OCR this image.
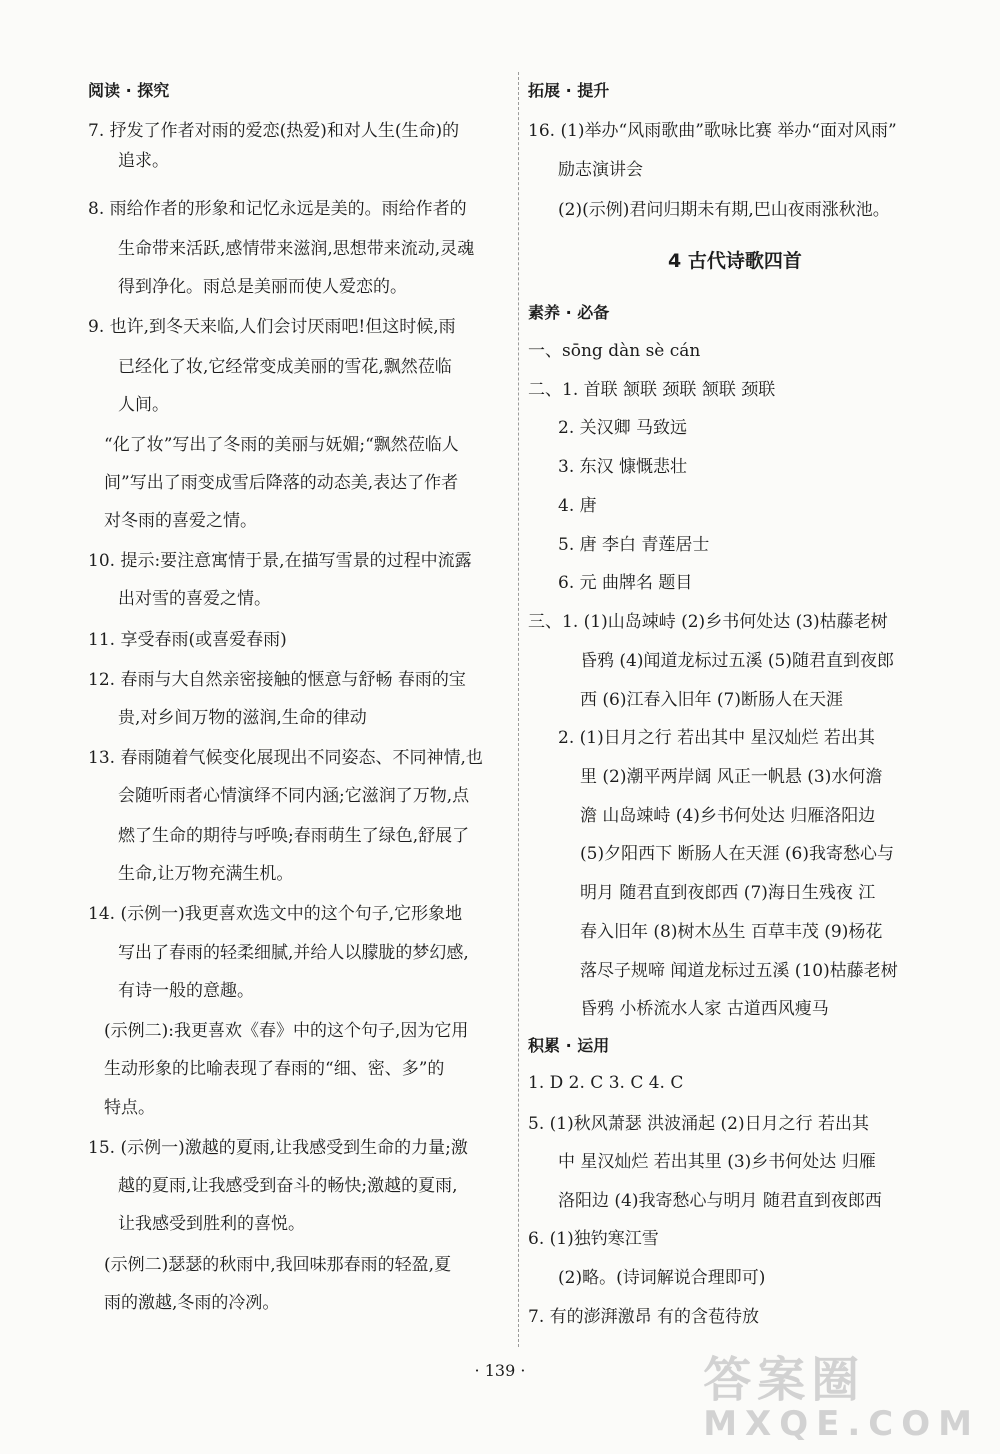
阅读 · 探究
7. 抒发了作者对雨的爱恋(热爱)和对人生(生命)的
追求。
8. 雨给作者的形象和记忆永远是美的。雨给作者的
生命带来活跃,感情带来滋润,思想带来流动,灵魂
得到净化。雨总是美丽而使人爱恋的。
9. 也许,到冬天来临,人们会讨厌雨吧!但这时候,雨
已经化了妆,它经常变成美丽的雪花,飘然莅临
人间。
“化了妆”写出了冬雨的美丽与妩媚;“飘然莅临人
间”写出了雨变成雪后降落的动态美,表达了作者
对冬雨的喜爱之情。
10. 提示:要注意寓情于景,在描写雪景的过程中流露
出对雪的喜爱之情。
11. 享受春雨(或喜爱春雨)
12. 春雨与大自然亲密接触的惬意与舒畅 春雨的宝
贵,对乡间万物的滋润,生命的律动
13. 春雨随着气候变化展现出不同姿态、不同神情,也
会随听雨者心情演绎不同内涵;它滋润了万物,点
燃了生命的期待与呼唤;春雨萌生了绿色,舒展了
生命,让万物充满生机。
14. (示例一)我更喜欢选文中的这个句子,它形象地
写出了春雨的轻柔细腻,并给人以朦胧的梦幻感,
有诗一般的意趣。
(示例二):我更喜欢《春》中的这个句子,因为它用
生动形象的比喻表现了春雨的“细、密、多”的
特点。
15. (示例一)激越的夏雨,让我感受到生命的力量;激
越的夏雨,让我感受到奋斗的畅快;激越的夏雨,
让我感受到胜利的喜悦。
(示例二)瑟瑟的秋雨中,我回味那春雨的轻盈,夏
雨的激越,冬雨的冷冽。
拓展 · 提升
16. (1)举办“风雨歌曲”歌咏比赛 举办“面对风雨”
励志演讲会
(2)(示例)君问归期未有期,巴山夜雨涨秋池。
4 古代诗歌四首
素养 · 必备
一、sōng dàn sè cán
二、1. 首联 颔联 颈联 颔联 颈联
2. 关汉卿 马致远
3. 东汉 慷慨悲壮
4. 唐
5. 唐 李白 青莲居士
6. 元 曲牌名 题目
三、1. (1)山岛竦峙 (2)乡书何处达 (3)枯藤老树
昏鸦 (4)闻道龙标过五溪 (5)随君直到夜郎
西 (6)江春入旧年 (7)断肠人在天涯
2. (1)日月之行 若出其中 星汉灿烂 若出其
里 (2)潮平两岸阔 风正一帆悬 (3)水何澹
澹 山岛竦峙 (4)乡书何处达 归雁洛阳边
(5)夕阳西下 断肠人在天涯 (6)我寄愁心与
明月 随君直到夜郎西 (7)海日生残夜 江
春入旧年 (8)树木丛生 百草丰茂 (9)杨花
落尽子规啼 闻道龙标过五溪 (10)枯藤老树
昏鸦 小桥流水人家 古道西风瘦马
积累 · 运用
1. D 2. C 3. C 4. C
5. (1)秋风萧瑟 洪波涌起 (2)日月之行 若出其
中 星汉灿烂 若出其里 (3)乡书何处达 归雁
洛阳边 (4)我寄愁心与明月 随君直到夜郎西
6. (1)独钓寒江雪
(2)略。(诗词解说合理即可)
7. 有的澎湃激昂 有的含苞待放
· 139 ·	答案圈
MXQE.COM
